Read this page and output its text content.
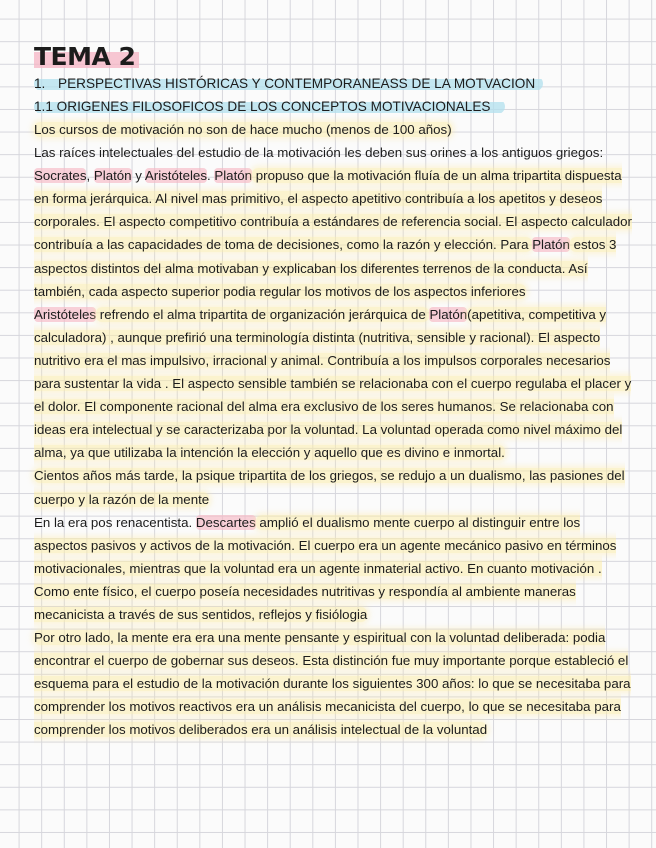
TEMA 2
1. PERSPECTIVAS HISTÓRICAS Y CONTEMPORANEASS DE LA MOTVACION
1.1 ORIGENES FILOSOFICOS DE LOS CONCEPTOS MOTIVACIONALES

Los cursos de motivación no son de hace mucho (menos de 100 años)

Las raíces intelectuales del estudio de la motivación les deben sus orines a los antiguos griegos: Socrates, Platón y Aristóteles. Platón propuso que la motivación fluía de un alma tripartita dispuesta en forma jerárquica. Al nivel mas primitivo, el aspecto apetitivo contribuía a los apetitos y deseos corporales. El aspecto competitivo contribuía a estándares de referencia social. El aspecto calculador contribuía a las capacidades de toma de decisiones, como la razón y elección. Para Platón estos 3 aspectos distintos del alma motivaban y explicaban los diferentes terrenos de la conducta. Así también, cada aspecto superior podia regular los motivos de los aspectos inferiores

Aristóteles refrendo el alma tripartita de organización jerárquica de Platón(apetitiva, competitiva y calculadora) , aunque prefirió una terminología distinta (nutritiva, sensible y racional). El aspecto nutritivo era el mas impulsivo, irracional y animal. Contribuía a los impulsos corporales necesarios para sustentar la vida . El aspecto sensible también se relacionaba con el cuerpo regulaba el placer y el dolor. El componente racional del alma era exclusivo de los seres humanos. Se relacionaba con ideas era intelectual y se caracterizaba por la voluntad. La voluntad operada como nivel máximo del alma, ya que utilizaba la intención la elección y aquello que es divino e inmortal.

Cientos años más tarde, la psique tripartita de los griegos, se redujo a un dualismo, las pasiones del cuerpo y la razón de la mente

En la era pos renacentista. Descartes amplió el dualismo mente cuerpo al distinguir entre los aspectos pasivos y activos de la motivación. El cuerpo era un agente mecánico pasivo en términos motivacionales, mientras que la voluntad era un agente inmaterial activo. En cuanto motivación . Como ente físico, el cuerpo poseía necesidades nutritivas y respondía al ambiente maneras mecanicista a través de sus sentidos, reflejos y fisiólogia

Por otro lado, la mente era era una mente pensante y espiritual con la voluntad deliberada: podia encontrar el cuerpo de gobernar sus deseos. Esta distinción fue muy importante porque estableció el esquema para el estudio de la motivación durante los siguientes 300 años: lo que se necesitaba para comprender los motivos reactivos era un análisis mecanicista del cuerpo, lo que se necesitaba para comprender los motivos deliberados era un análisis intelectual de la voluntad
